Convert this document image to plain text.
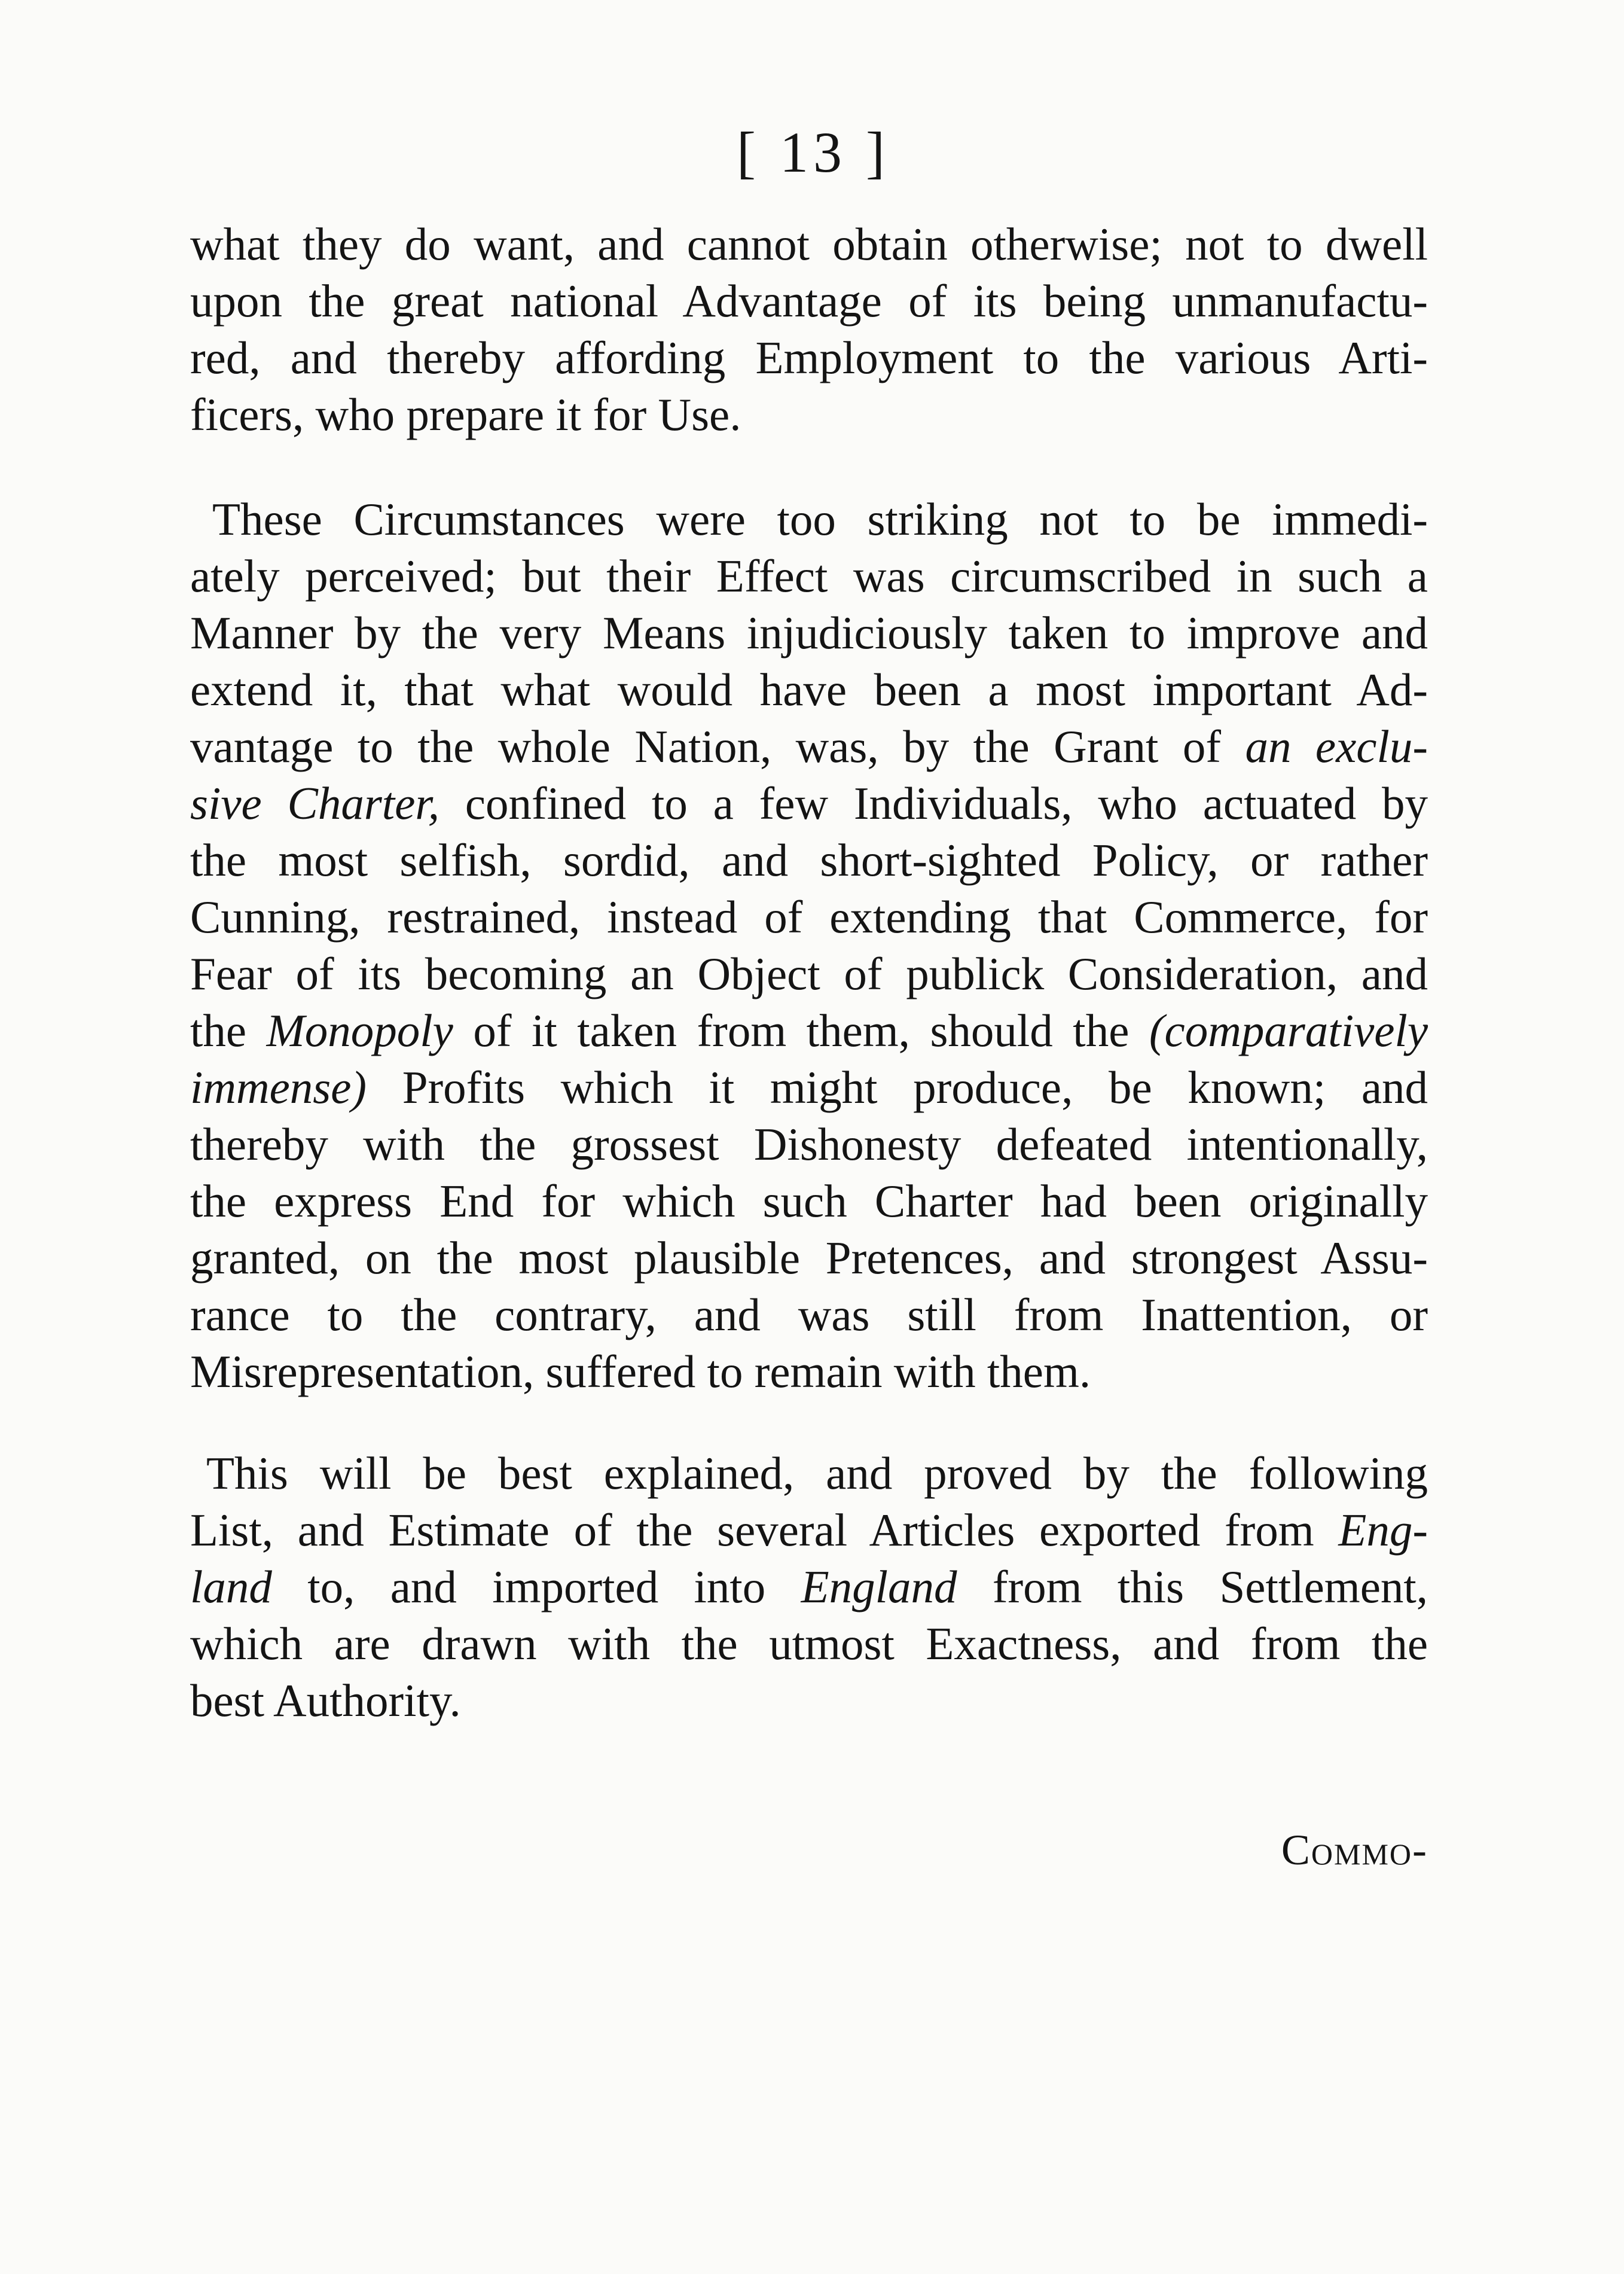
[ 13 ]
what they do want, and cannot obtain otherwise; not to dwell
upon the great national Advantage of its being unmanufactu-
red, and thereby affording Employment to the various Arti-
ficers, who prepare it for Use.
These Circumstances were too striking not to be immedi-
ately perceived; but their Effect was circumscribed in such a
Manner by the very Means injudiciously taken to improve and
extend it, that what would have been a most important Ad-
vantage to the whole Nation, was, by the Grant of an exclu-
sive Charter, confined to a few Individuals, who actuated by
the most selfish, sordid, and short-sighted Policy, or rather
Cunning, restrained, instead of extending that Commerce, for
Fear of its becoming an Object of publick Consideration, and
the Monopoly of it taken from them, should the (comparatively
immense) Profits which it might produce, be known; and
thereby with the grossest Dishonesty defeated intentionally,
the express End for which such Charter had been originally
granted, on the most plausible Pretences, and strongest Assu-
rance to the contrary, and was still from Inattention, or
Misrepresentation, suffered to remain with them.
This will be best explained, and proved by the following
List, and Estimate of the several Articles exported from Eng-
land to, and imported into England from this Settlement,
which are drawn with the utmost Exactness, and from the
best Authority.
Commo-
